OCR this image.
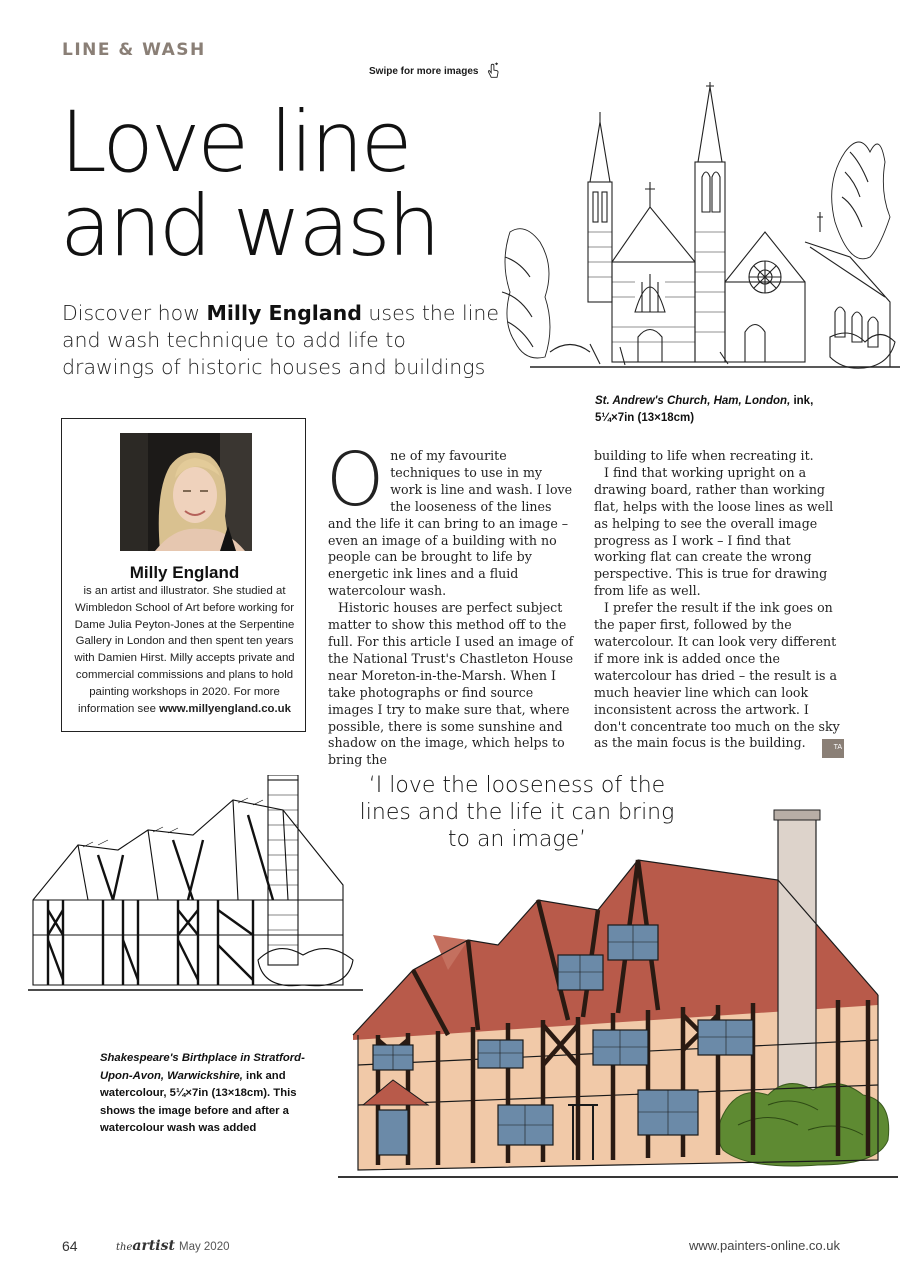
LINE & WASH
Swipe for more images
Love line
and wash

Discover how Milly England uses the line and wash technique to add life to drawings of historic houses and buildings

St. Andrew's Church, Ham, London, ink,
5¼×7in (13×18cm)
Milly England

is an artist and illustrator. She studied at Wimbledon School of Art before working for Dame Julia Peyton-Jones at the Serpentine Gallery in London and then spent ten years with Damien Hirst. Milly accepts private and commercial commissions and plans to hold painting workshops in 2020. For more information see www.millyengland.co.uk

One of my favourite techniques to use in my work is line and wash. I love the looseness of the lines and the life it can bring to an image – even an image of a building with no people can be brought to life by energetic ink lines and a fluid watercolour wash.

Historic houses are perfect subject matter to show this method off to the full. For this article I used an image of the National Trust's Chastleton House near Moreton-in-the-Marsh. When I take photographs or find source images I try to make sure that, where possible, there is some sunshine and shadow on the image, which helps to bring the

building to life when recreating it.

I find that working upright on a drawing board, rather than working flat, helps with the loose lines as well as helping to see the overall image progress as I work – I find that working flat can create the wrong perspective. This is true for drawing from life as well.

I prefer the result if the ink goes on the paper first, followed by the watercolour. It can look very different if more ink is added once the watercolour has dried – the result is a much heavier line which can look inconsistent across the artwork. I don't concentrate too much on the sky as the main focus is the building.	TA

‘I love the looseness of the lines and the life it can bring to an image’

Shakespeare's Birthplace in Stratford-Upon-Avon, Warwickshire, ink and watercolour, 5¼×7in (13×18cm). This shows the image before and after a watercolour wash was added

64	theartist May 2020	www.painters-online.co.uk
